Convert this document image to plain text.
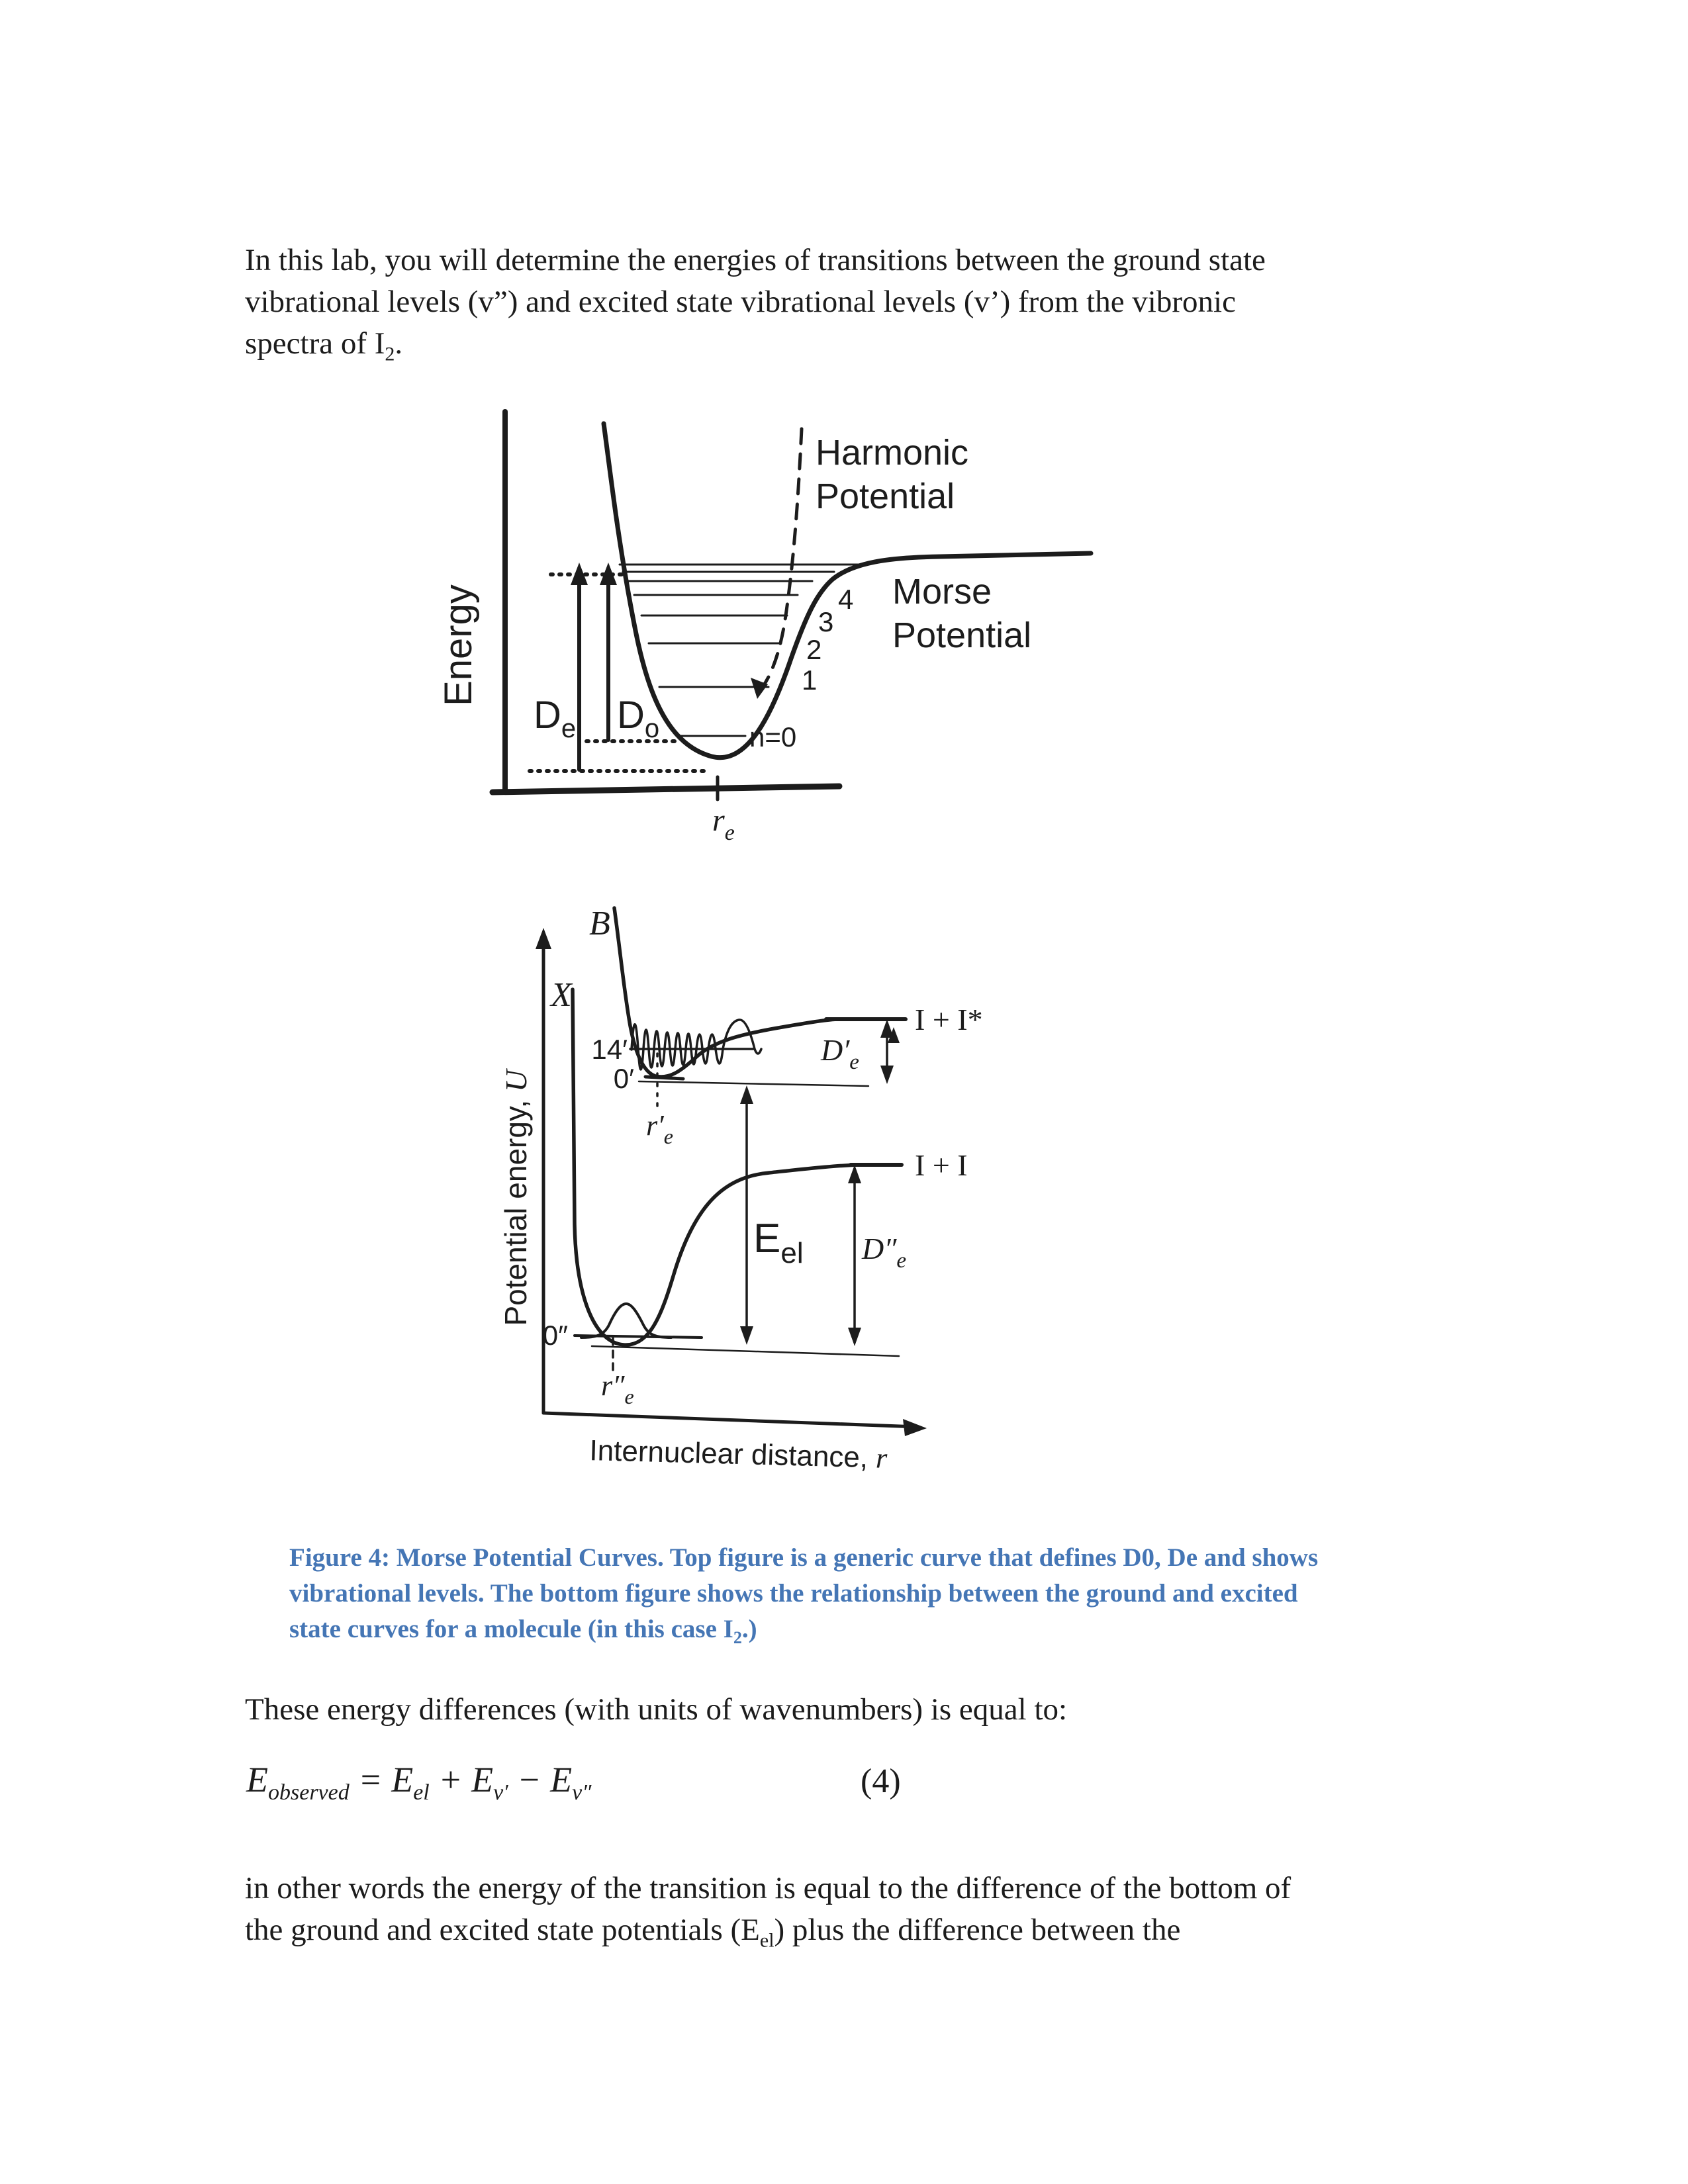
In this lab, you will determine the energies of transitions between the ground state
vibrational levels (v”) and excited state vibrational levels (v’) from the vibronic
spectra of $I_2$.
Energy
Harmonic
Potential
Morse
Potential
$D_e$ $D_o$	n=0
1
2
3
4
$r_e$
Potential energy,U
Internuclear distance, r
B
X
14′
0′
0″
$r'_e$
$r''_e$
$D'_e$
$D''_e$
$E_{el}$
I + I*
I + I
Figure 4: Morse Potential Curves. Top figure is a generic curve that defines D0, De and shows
vibrational levels. The bottom figure shows the relationship between the ground and excited
state curves for a molecule (in this case $I_2$.)
These energy differences (with units of wavenumbers) is equal to:
$E_{observed} = E_{el} + E_{v'} - E_{v''}$	(4)
in other words the energy of the transition is equal to the difference of the bottom of
the ground and excited state potentials $(E_{el})$ plus the difference between the
